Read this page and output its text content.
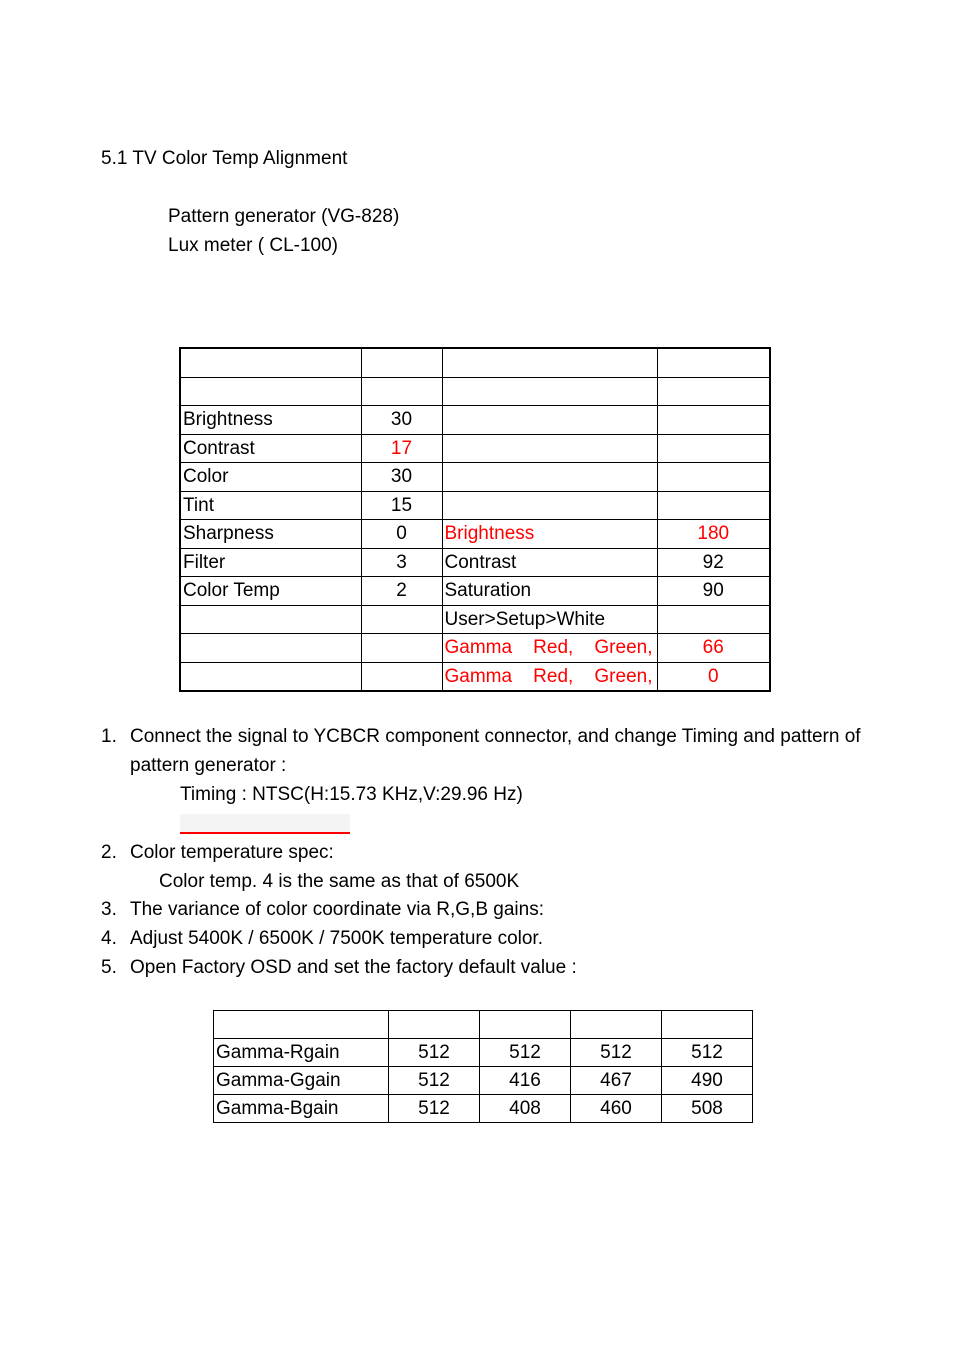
5.1 TV Color Temp Alignment
Pattern generator (VG-828)
Lux meter ( CL-100)

Brightness	30		
Contrast	17		
Color	30		
Tint	15		
Sharpness	0	Brightness	180
Filter	3	Contrast	92
Color Temp	2	Saturation	90
		User>Setup>White	

		Gamma Red, Green,	66

		Gamma Red, Green,	0
1. Connect the signal to YCBCR component connector, and change Timing and pattern of
pattern generator :
Timing : NTSC(H:15.73 KHz,V:29.96 Hz)
2. Color temperature spec:
Color temp. 4 is the same as that of 6500K
3. The variance of color coordinate via R,G,B gains:
4. Adjust 5400K / 6500K / 7500K temperature color.
5. Open Factory OSD and set the factory default value :

Gamma-Rgain	512	512	512	512
Gamma-Ggain	512	416	467	490
Gamma-Bgain	512	408	460	508
